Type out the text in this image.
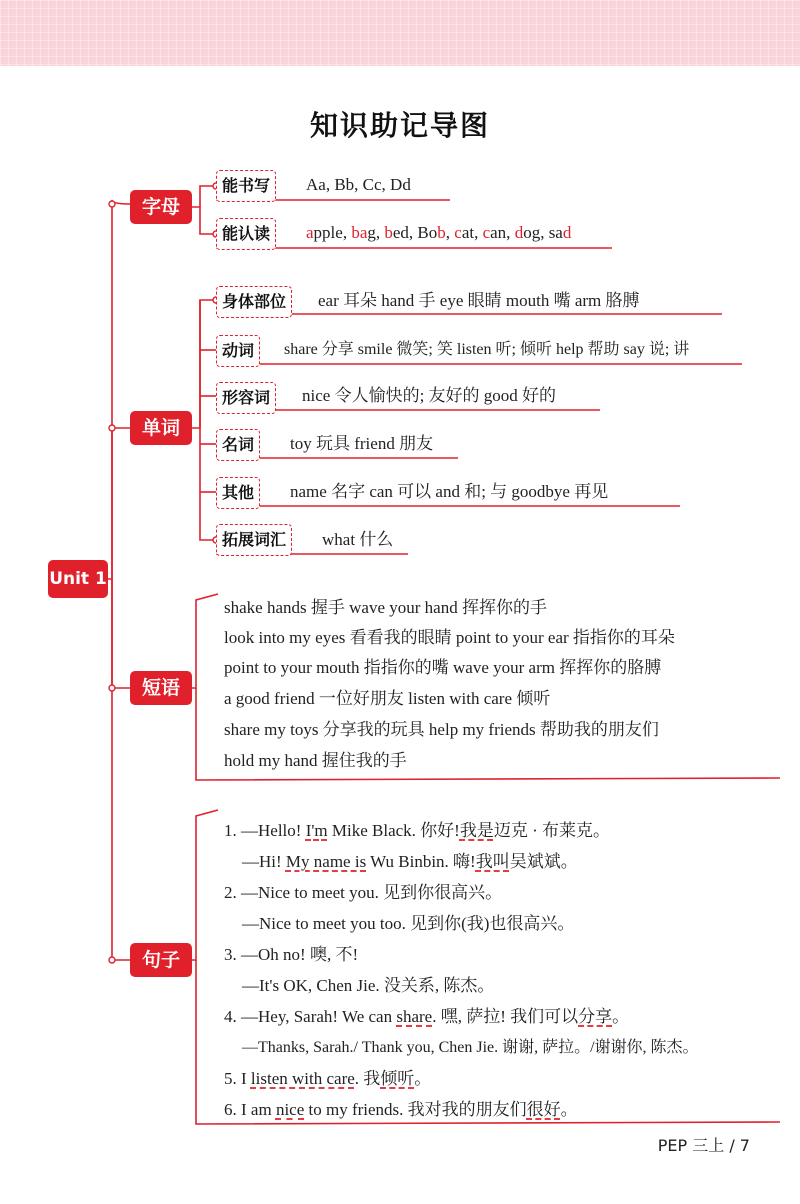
知识助记导图
Unit 1
字母
单词
短语
句子
能书写	Aa, Bb, Cc, Dd
能认读	apple, bag, bed, Bob, cat, can, dog, sad
身体部位	ear 耳朵 hand 手 eye 眼睛 mouth 嘴 arm 胳膊
动词	share 分享 smile 微笑; 笑 listen 听; 倾听 help 帮助 say 说; 讲
形容词	nice 令人愉快的; 友好的 good 好的
名词	toy 玩具 friend 朋友
其他	name 名字 can 可以 and 和; 与 goodbye 再见
拓展词汇	what 什么
shake hands 握手 wave your hand 挥挥你的手
look into my eyes 看看我的眼睛 point to your ear 指指你的耳朵
point to your mouth 指指你的嘴 wave your arm 挥挥你的胳膊
a good friend 一位好朋友 listen with care 倾听
share my toys 分享我的玩具 help my friends 帮助我的朋友们
hold my hand 握住我的手
1. —Hello! I'm Mike Black. 你好!我是迈克 · 布莱克。
—Hi! My name is Wu Binbin. 嗨!我叫吴斌斌。
2. —Nice to meet you. 见到你很高兴。
—Nice to meet you too. 见到你(我)也很高兴。
3. —Oh no! 噢, 不!
—It's OK, Chen Jie. 没关系, 陈杰。
4. —Hey, Sarah! We can share. 嘿, 萨拉! 我们可以分享。
—Thanks, Sarah./ Thank you, Chen Jie. 谢谢, 萨拉。/谢谢你, 陈杰。
5. I listen with care. 我倾听。
6. I am nice to my friends. 我对我的朋友们很好。
PEP 三上 / 7
